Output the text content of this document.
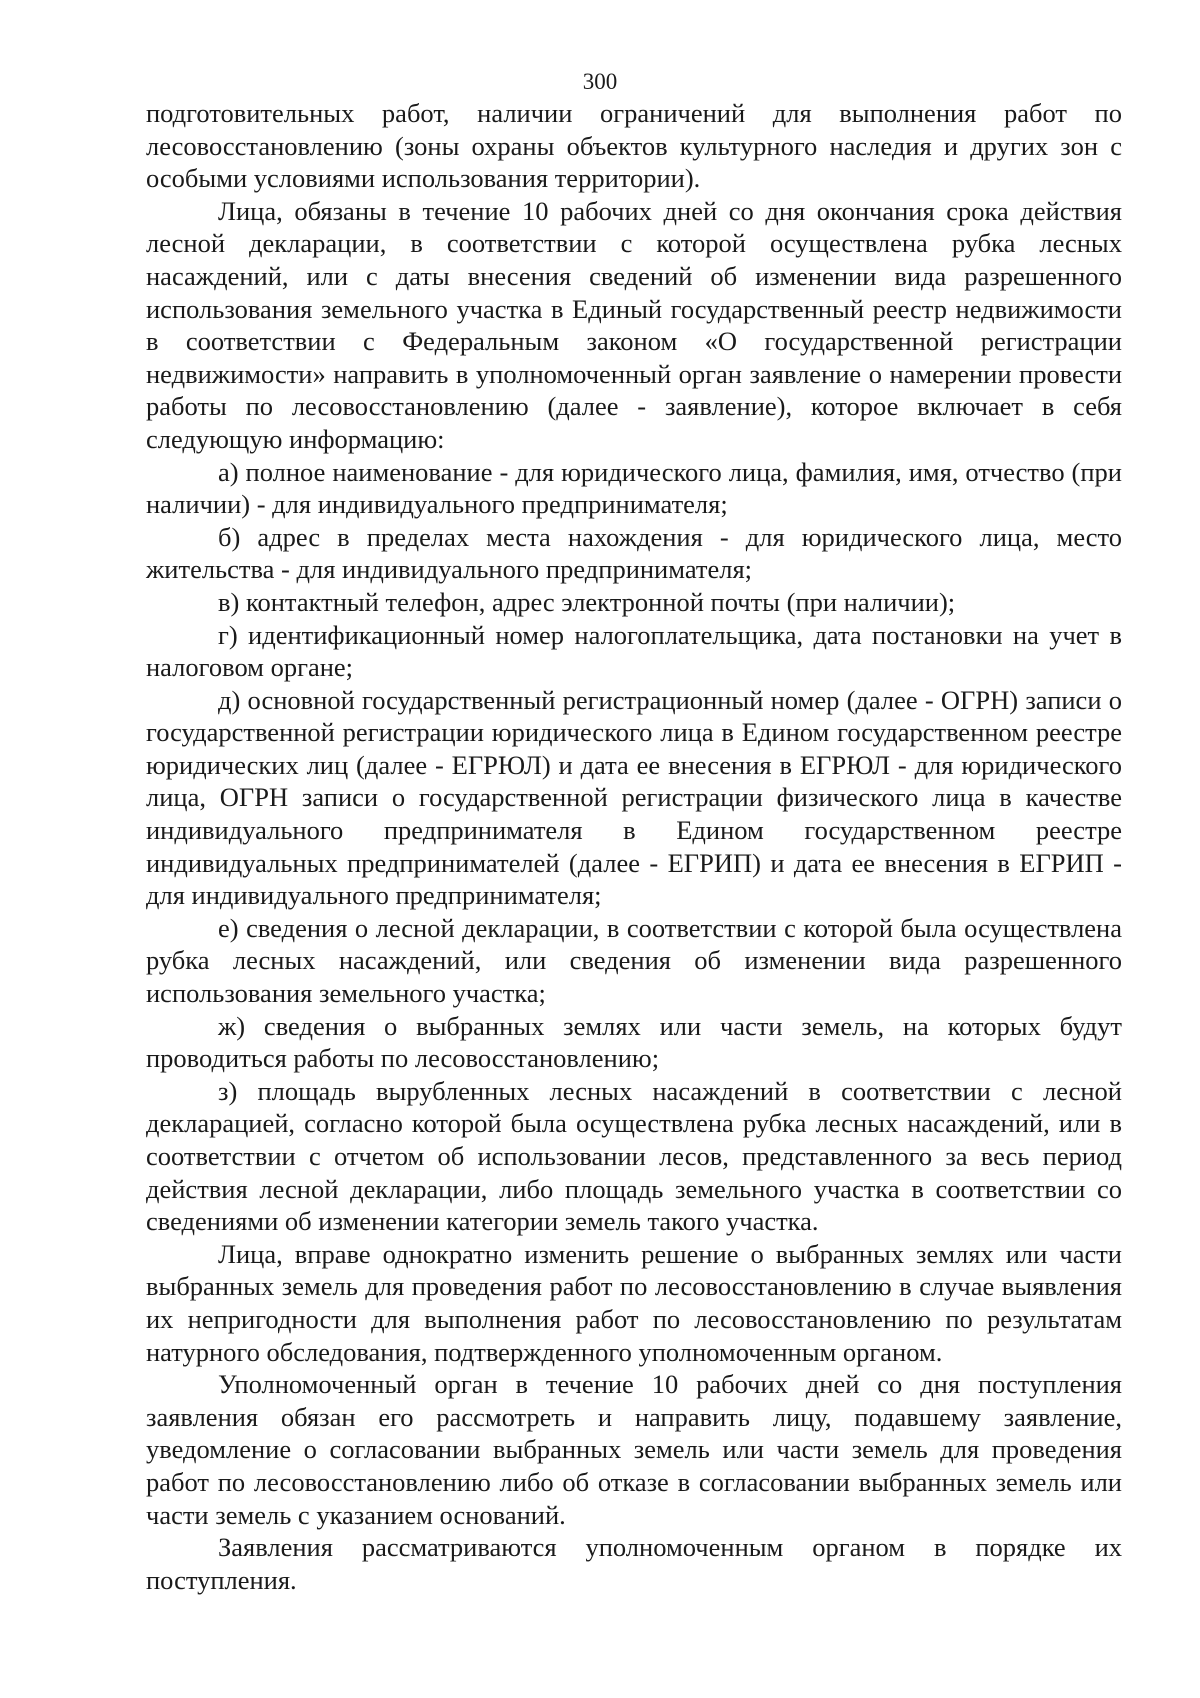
300

подготовительных работ, наличии ограничений для выполнения работ по лесовосстановлению (зоны охраны объектов культурного наследия и других зон с особыми условиями использования территории).

Лица, обязаны в течение 10 рабочих дней со дня окончания срока действия лесной декларации, в соответствии с которой осуществлена рубка лесных насаждений, или с даты внесения сведений об изменении вида разрешенного использования земельного участка в Единый государственный реестр недвижимости в соответствии с Федеральным законом «О государственной регистрации недвижимости» направить в уполномоченный орган заявление о намерении провести работы по лесовосстановлению (далее - заявление), которое включает в себя следующую информацию:

а) полное наименование - для юридического лица, фамилия, имя, отчество (при наличии) - для индивидуального предпринимателя;

б) адрес в пределах места нахождения - для юридического лица, место жительства - для индивидуального предпринимателя;

в) контактный телефон, адрес электронной почты (при наличии);

г) идентификационный номер налогоплательщика, дата постановки на учет в налоговом органе;

д) основной государственный регистрационный номер (далее - ОГРН) записи о государственной регистрации юридического лица в Едином государственном реестре юридических лиц (далее - ЕГРЮЛ) и дата ее внесения в ЕГРЮЛ - для юридического лица, ОГРН записи о государственной регистрации физического лица в качестве индивидуального предпринимателя в Едином государственном реестре индивидуальных предпринимателей (далее - ЕГРИП) и дата ее внесения в ЕГРИП - для индивидуального предпринимателя;

е) сведения о лесной декларации, в соответствии с которой была осуществлена рубка лесных насаждений, или сведения об изменении вида разрешенного использования земельного участка;

ж) сведения о выбранных землях или части земель, на которых будут проводиться работы по лесовосстановлению;

з) площадь вырубленных лесных насаждений в соответствии с лесной декларацией, согласно которой была осуществлена рубка лесных насаждений, или в соответствии с отчетом об использовании лесов, представленного за весь период действия лесной декларации, либо площадь земельного участка в соответствии со сведениями об изменении категории земель такого участка.

Лица, вправе однократно изменить решение о выбранных землях или части выбранных земель для проведения работ по лесовосстановлению в случае выявления их непригодности для выполнения работ по лесовосстановлению по результатам натурного обследования, подтвержденного уполномоченным органом.

Уполномоченный орган в течение 10 рабочих дней со дня поступления заявления обязан его рассмотреть и направить лицу, подавшему заявление, уведомление о согласовании выбранных земель или части земель для проведения работ по лесовосстановлению либо об отказе в согласовании выбранных земель или части земель с указанием оснований.

Заявления рассматриваются уполномоченным органом в порядке их поступления.
